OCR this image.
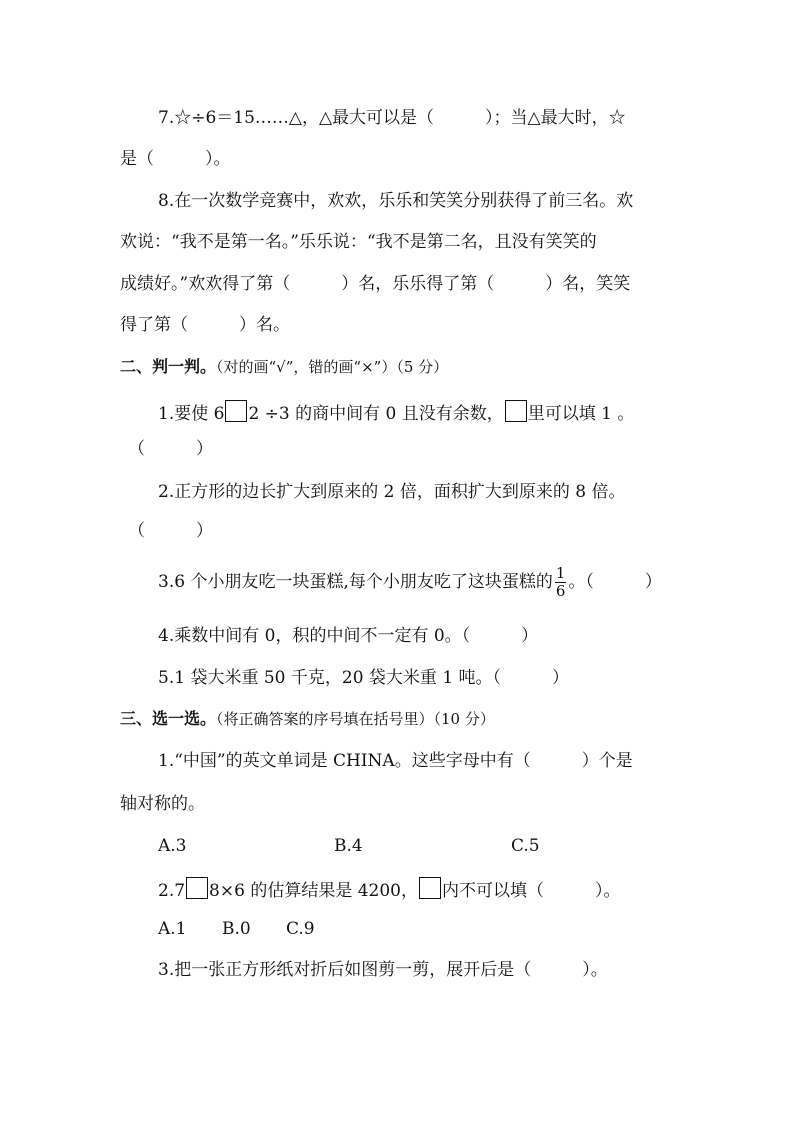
7.☆÷6＝15……△，△最大可以是（　　　）；当△最大时，☆
是（　　　）。
8.在一次数学竞赛中，欢欢，乐乐和笑笑分别获得了前三名。欢
欢说：“我不是第一名。”乐乐说：“我不是第二名，且没有笑笑的
成绩好。”欢欢得了第（　　　）名，乐乐得了第（　　　）名，笑笑
得了第（　　　）名。
二、判一判。（对的画“√”，错的画“×”）（5 分）
1.要使 6 2 ÷3 的商中间有 0 且没有余数， 里可以填 1 。
（　　　）
2.正方形的边长扩大到原来的 2 倍，面积扩大到原来的 8 倍。
（　　　）
3.6 个小朋友吃一块蛋糕,每个小朋友吃了这块蛋糕的 $\frac{1}{6}$ 。（　　　）
4.乘数中间有 0，积的中间不一定有 0。（　　　）
5.1 袋大米重 50 千克，20 袋大米重 1 吨。（　　　）
三、选一选。（将正确答案的序号填在括号里）（10 分）
1.“中国”的英文单词是 CHINA。这些字母中有（　　　）个是
轴对称的。
A.3	B.4	C.5
2.7 8×6 的估算结果是 4200， 内不可以填（　　　）。
A.1 B.0 C.9
3.把一张正方形纸对折后如图剪一剪，展开后是（　　　）。
